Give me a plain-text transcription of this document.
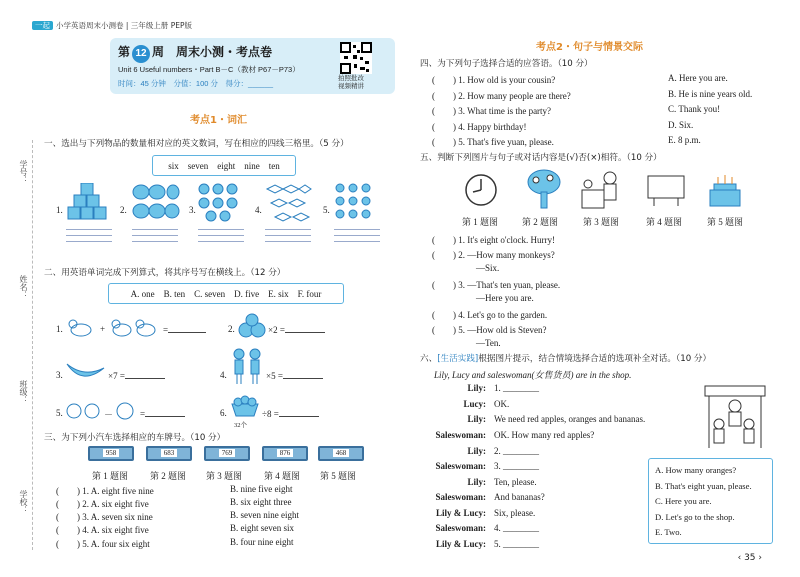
一起 小学英语周末小测卷 | 三年级上册 PEP版
第 12 周　周末小测・考点卷
Unit 6 Useful numbers・Part B－C（教材 P67－P73）
时间：45 分钟　 分值：100 分　 得分：______
拍照批改
视频精讲
学号：
姓名：
班级：
学校：
考点1・词汇
一、选出与下列物品的数量相对应的英文数词，写在相应的四线三格里。（5 分）
six　seven　eight　nine　ten
1.	2.	3.	4.	5.
二、用英语单词完成下列算式，将其序号写在横线上。（12 分）
A. one　B. ten　C. seven　D. five　E. six　F. four
1.	+	=	2.	×2 =
3.	×7 =	4.	×5 =
5.	－	=	6.
32个
÷8 =
三、为下列小汽车选择相应的车牌号。（10 分）
958	683	769	876	468
第 1 题图 第 2 题图 第 3 题图 第 4 题图 第 5 题图
(　　) 1. A. eight five nine	B. nine five eight
(　　) 2. A. six eight five	B. six eight three
(　　) 3. A. seven six nine	B. seven nine eight
(　　) 4. A. six eight five	B. eight seven six
(　　) 5. A. four six eight	B. four nine eight
考点2・句子与情景交际
四、为下列句子选择合适的应答语。（10 分）
(　　) 1. How old is your cousin?	A. Here you are.
(　　) 2. How many people are there?	B. He is nine years old.
(　　) 3. What time is the party?	C. Thank you!
(　　) 4. Happy birthday!	D. Six.
(　　) 5. That's five yuan, please.	E. 8 p.m.
五、判断下列图片与句子或对话内容是(√)否(×)相符。（10 分）
第 1 题图	第 2 题图	第 3 题图	第 4 题图	第 5 题图
(　　) 1. It's eight o'clock. Hurry!
(　　) 2. —How many monkeys?
—Six.
(　　) 3. —That's ten yuan, please.
—Here you are.
(　　) 4. Let's go to the garden.
(　　) 5. —How old is Steven?
—Ten.
六、[生活实践]根据图片提示，结合情境选择合适的选项补全对话。（10 分）
Lily, Lucy and saleswoman(女售货员) are in the shop.
Lily: 1. ________
Lucy: OK.
Lily: We need red apples, oranges and bananas.
Saleswoman: OK. How many red apples?
Lily: 2. ________
Saleswoman: 3. ________
Lily: Ten, please.
Saleswoman: And bananas?
Lily & Lucy: Six, please.
Saleswoman: 4. ________
Lily & Lucy: 5. ________
A. How many oranges?
B. That's eight yuan, please.
C. Here you are.
D. Let's go to the shop.
E. Two.
‹ 35 ›
